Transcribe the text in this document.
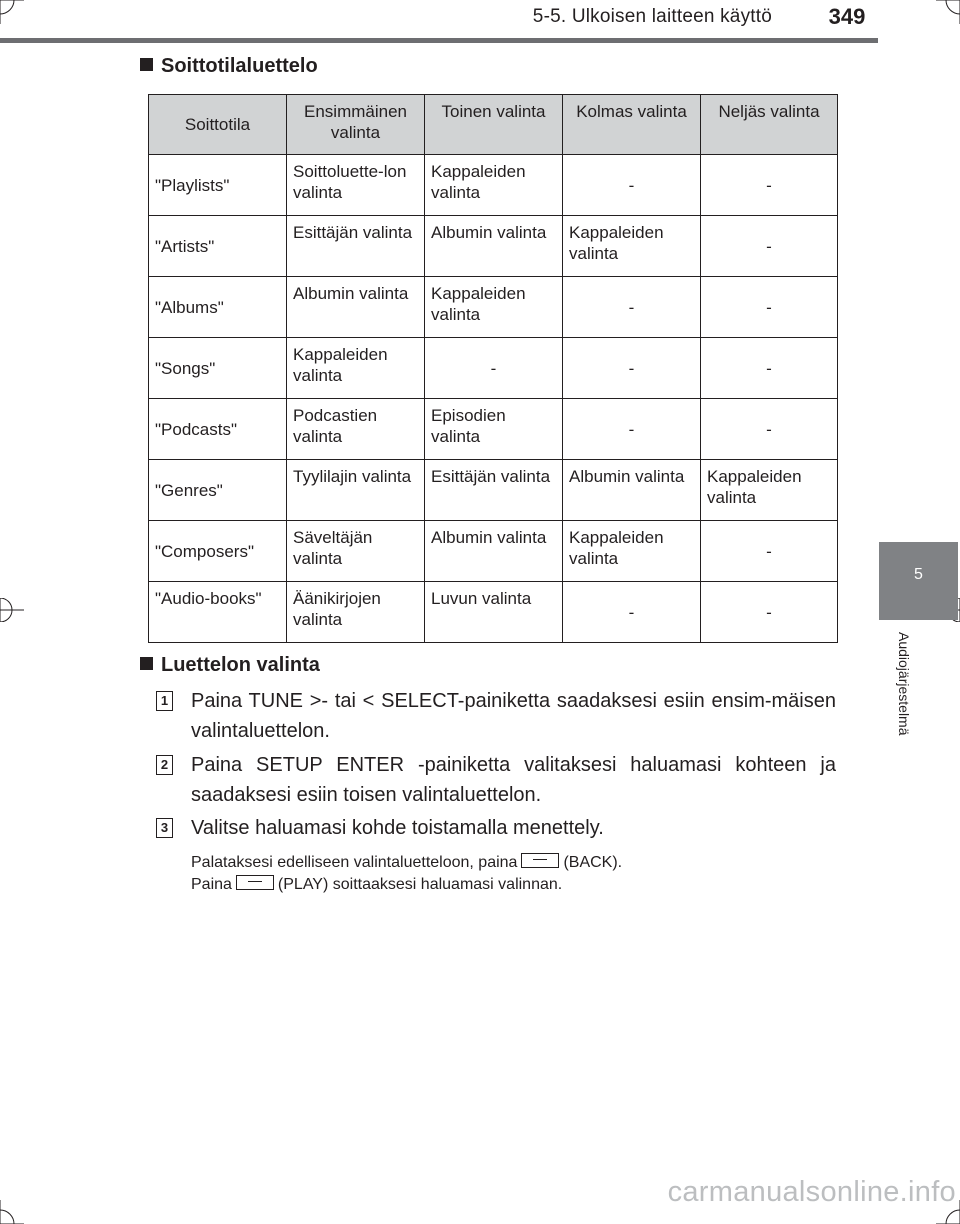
5-5. Ulkoisen laitteen käyttö	349
5
Audiojärjestelmä
Soittotilaluettelo
Soittotila	Ensimmäinen valinta	Toinen valinta	Kolmas valinta	Neljäs valinta
"Playlists"	Soittoluette-lon valinta	Kappaleiden valinta	-	-
"Artists"	Esittäjän valinta	Albumin valinta	Kappaleiden valinta	-
"Albums"	Albumin valinta	Kappaleiden valinta	-	-
"Songs"	Kappaleiden valinta	-	-	-
"Podcasts"	Podcastien valinta	Episodien valinta	-	-
"Genres"	Tyylilajin valinta	Esittäjän valinta	Albumin valinta	Kappaleiden valinta
"Composers"	Säveltäjän valinta	Albumin valinta	Kappaleiden valinta	-
"Audio-books"	Äänikirjojen valinta	Luvun valinta	-	-
Luettelon valinta
1 Paina TUNE >- tai < SELECT-painiketta saadaksesi esiin ensim-mäisen valintaluettelon.
2 Paina SETUP ENTER -painiketta valitaksesi haluamasi kohteen ja saadaksesi esiin toisen valintaluettelon.
3 Valitse haluamasi kohde toistamalla menettely.
Palataksesi edelliseen valintaluetteloon, paina	(BACK).
Paina	(PLAY) soittaaksesi haluamasi valinnan.
carmanualsonline.info
